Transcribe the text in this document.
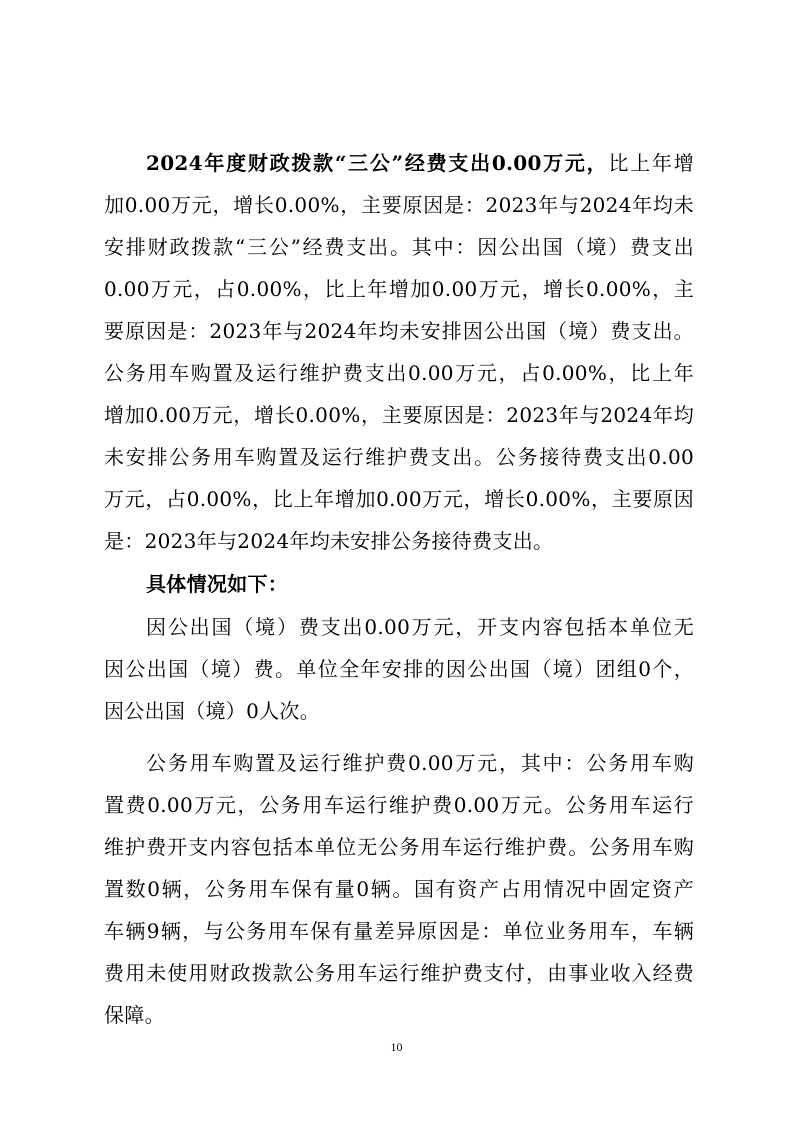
2024年度财政拨款“三公”经费支出0.00万元，比上年增
加0.00万元，增长0.00%，主要原因是：2023年与2024年均未
安排财政拨款“三公”经费支出。其中：因公出国（境）费支出
0.00万元，占0.00%，比上年增加0.00万元，增长0.00%，主
要原因是：2023年与2024年均未安排因公出国（境）费支出。
公务用车购置及运行维护费支出0.00万元，占0.00%，比上年
增加0.00万元，增长0.00%，主要原因是：2023年与2024年均
未安排公务用车购置及运行维护费支出。公务接待费支出0.00
万元，占0.00%，比上年增加0.00万元，增长0.00%，主要原因
是：2023年与2024年均未安排公务接待费支出。
具体情况如下：
因公出国（境）费支出0.00万元，开支内容包括本单位无
因公出国（境）费。单位全年安排的因公出国（境）团组0个，
因公出国（境）0人次。
公务用车购置及运行维护费0.00万元，其中：公务用车购
置费0.00万元，公务用车运行维护费0.00万元。公务用车运行
维护费开支内容包括本单位无公务用车运行维护费。公务用车购
置数0辆，公务用车保有量0辆。国有资产占用情况中固定资产
车辆9辆，与公务用车保有量差异原因是：单位业务用车，车辆
费用未使用财政拨款公务用车运行维护费支付，由事业收入经费
保障。
10
